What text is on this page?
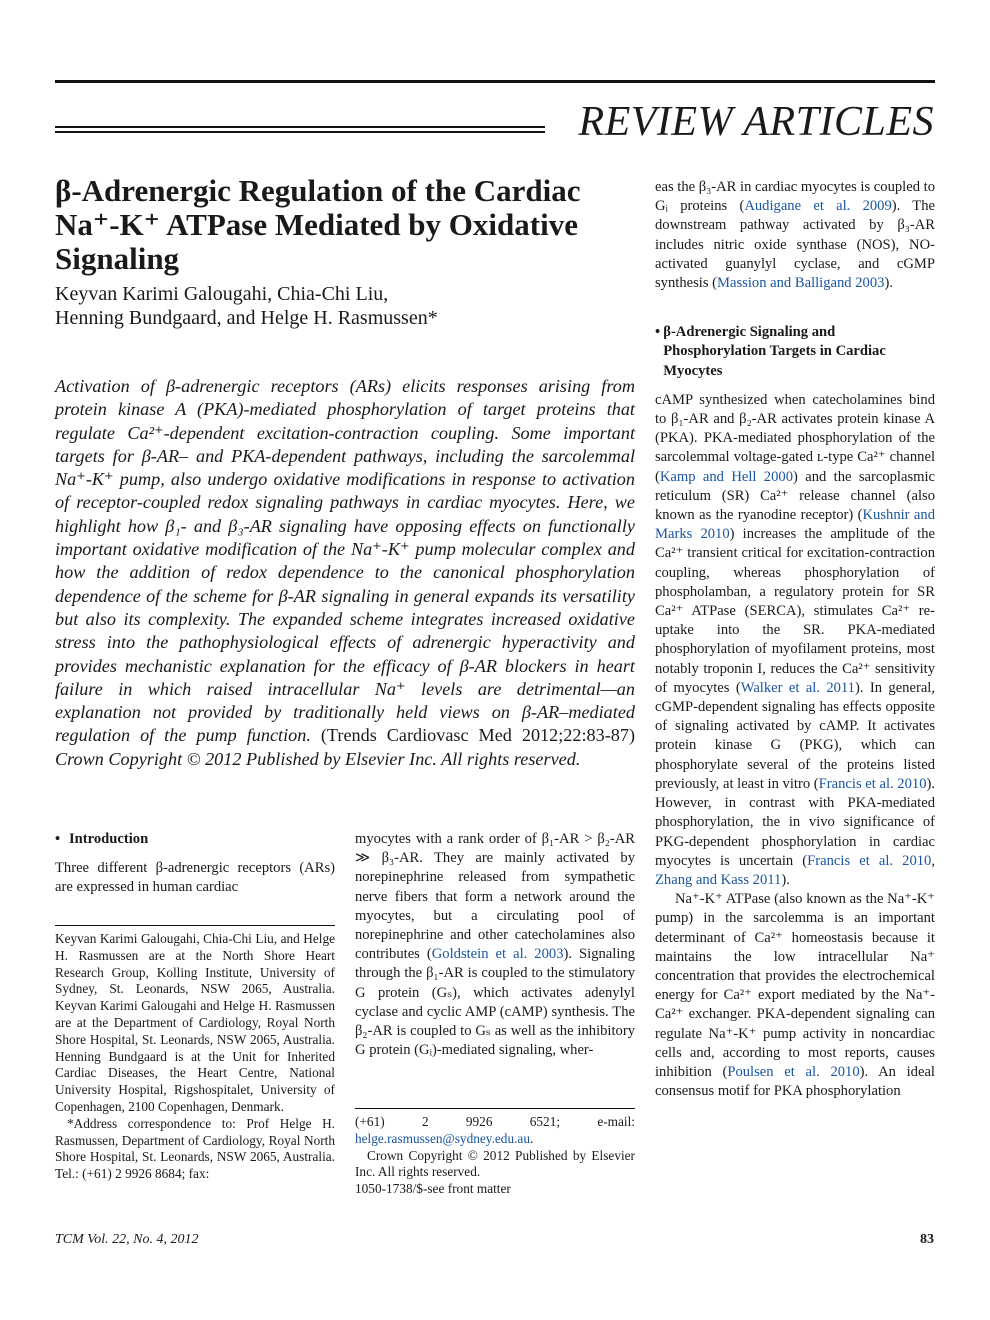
REVIEW ARTICLES
β-Adrenergic Regulation of the Cardiac Na⁺-K⁺ ATPase Mediated by Oxidative Signaling
Keyvan Karimi Galougahi, Chia-Chi Liu,
Henning Bundgaard, and Helge H. Rasmussen*
Activation of β-adrenergic receptors (ARs) elicits responses arising from protein kinase A (PKA)-mediated phosphorylation of target proteins that regulate Ca²⁺-dependent excitation-contraction coupling. Some important targets for β-AR– and PKA-dependent pathways, including the sarcolemmal Na⁺-K⁺ pump, also undergo oxidative modifications in response to activation of receptor-coupled redox signaling pathways in cardiac myocytes. Here, we highlight how β₁- and β₃-AR signaling have opposing effects on functionally important oxidative modification of the Na⁺-K⁺ pump molecular complex and how the addition of redox dependence to the canonical phosphorylation dependence of the scheme for β-AR signaling in general expands its versatility but also its complexity. The expanded scheme integrates increased oxidative stress into the pathophysiological effects of adrenergic hyperactivity and provides mechanistic explanation for the efficacy of β-AR blockers in heart failure in which raised intracellular Na⁺ levels are detrimental—an explanation not provided by traditionally held views on β-AR–mediated regulation of the pump function. (Trends Cardiovasc Med 2012;22:83-87) Crown Copyright © 2012 Published by Elsevier Inc. All rights reserved.
• Introduction

Three different β-adrenergic receptors (ARs) are expressed in human cardiac

Keyvan Karimi Galougahi, Chia-Chi Liu, and Helge H. Rasmussen are at the North Shore Heart Research Group, Kolling Institute, University of Sydney, St. Leonards, NSW 2065, Australia. Keyvan Karimi Galougahi and Helge H. Rasmussen are at the Department of Cardiology, Royal North Shore Hospital, St. Leonards, NSW 2065, Australia. Henning Bundgaard is at the Unit for Inherited Cardiac Diseases, the Heart Centre, National University Hospital, Rigshospitalet, University of Copenhagen, 2100 Copenhagen, Denmark.

*Address correspondence to: Prof Helge H. Rasmussen, Department of Cardiology, Royal North Shore Hospital, St. Leonards, NSW 2065, Australia. Tel.: (+61) 2 9926 8684; fax:

myocytes with a rank order of β₁-AR > β₂-AR ≫ β₃-AR. They are mainly activated by norepinephrine released from sympathetic nerve fibers that form a network around the myocytes, but a circulating pool of norepinephrine and other catecholamines also contributes (Goldstein et al. 2003). Signaling through the β₁-AR is coupled to the stimulatory G protein (Gₛ), which activates adenylyl cyclase and cyclic AMP (cAMP) synthesis. The β₂-AR is coupled to Gₛ as well as the inhibitory G protein (Gᵢ)-mediated signaling, wher-

(+61) 2 9926 6521; e-mail: helge.rasmussen@sydney.edu.au.

Crown Copyright © 2012 Published by Elsevier Inc. All rights reserved.

1050-1738/$-see front matter

eas the β₃-AR in cardiac myocytes is coupled to Gᵢ proteins (Audigane et al. 2009). The downstream pathway activated by β₃-AR includes nitric oxide synthase (NOS), NO-activated guanylyl cyclase, and cGMP synthesis (Massion and Balligand 2003).

• β-Adrenergic Signaling and Phosphorylation Targets in Cardiac Myocytes

cAMP synthesized when catecholamines bind to β₁-AR and β₂-AR activates protein kinase A (PKA). PKA-mediated phosphorylation of the sarcolemmal voltage-gated ʟ-type Ca²⁺ channel (Kamp and Hell 2000) and the sarcoplasmic reticulum (SR) Ca²⁺ release channel (also known as the ryanodine receptor) (Kushnir and Marks 2010) increases the amplitude of the Ca²⁺ transient critical for excitation-contraction coupling, whereas phosphorylation of phospholamban, a regulatory protein for SR Ca²⁺ ATPase (SERCA), stimulates Ca²⁺ re-uptake into the SR. PKA-mediated phosphorylation of myofilament proteins, most notably troponin I, reduces the Ca²⁺ sensitivity of myocytes (Walker et al. 2011). In general, cGMP-dependent signaling has effects opposite of signaling activated by cAMP. It activates protein kinase G (PKG), which can phosphorylate several of the proteins listed previously, at least in vitro (Francis et al. 2010). However, in contrast with PKA-mediated phosphorylation, the in vivo significance of PKG-dependent phosphorylation in cardiac myocytes is uncertain (Francis et al. 2010, Zhang and Kass 2011).

Na⁺-K⁺ ATPase (also known as the Na⁺-K⁺ pump) in the sarcolemma is an important determinant of Ca²⁺ homeostasis because it maintains the low intracellular Na⁺ concentration that provides the electrochemical energy for Ca²⁺ export mediated by the Na⁺-Ca²⁺ exchanger. PKA-dependent signaling can regulate Na⁺-K⁺ pump activity in noncardiac cells and, according to most reports, causes inhibition (Poulsen et al. 2010). An ideal consensus motif for PKA phosphorylation

TCM Vol. 22, No. 4, 2012	83
